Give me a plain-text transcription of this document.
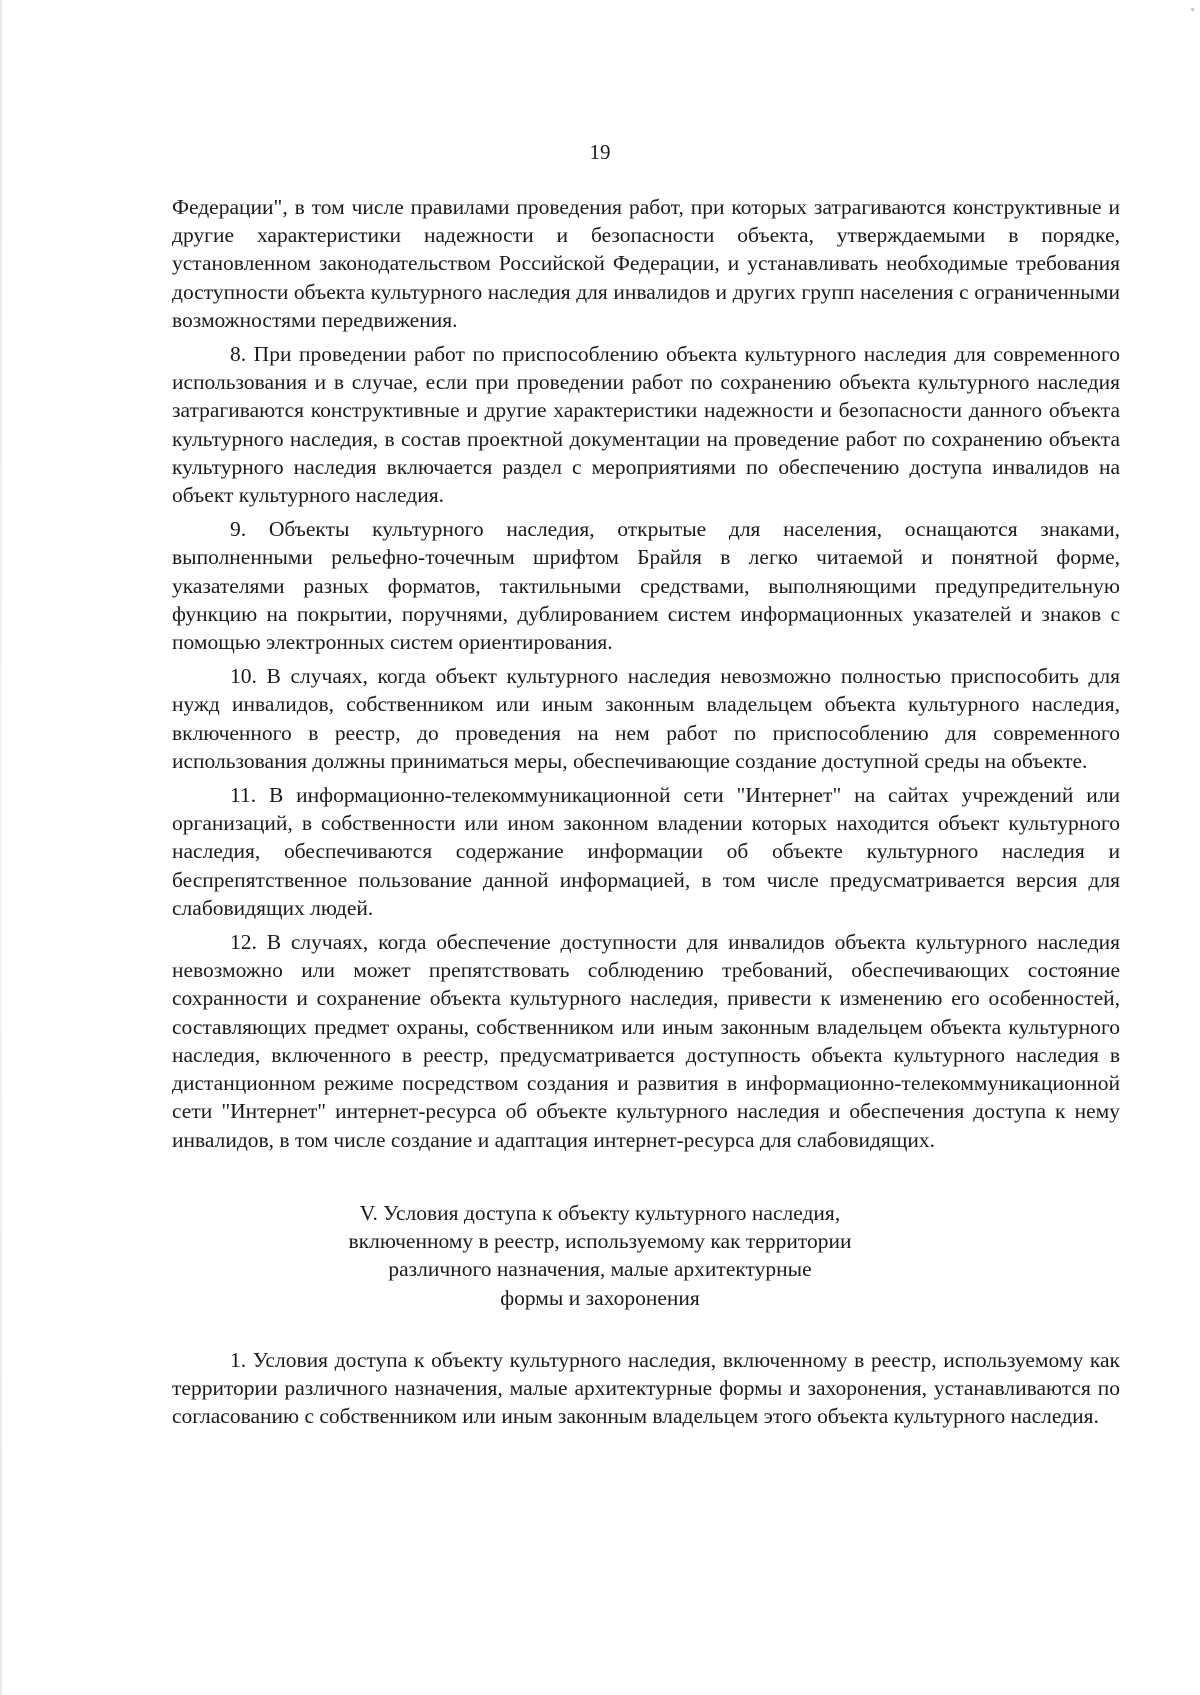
19

Федерации", в том числе правилами проведения работ, при которых затрагиваются конструктивные и другие характеристики надежности и безопасности объекта, утверждаемыми в порядке, установленном законодательством Российской Федерации, и устанавливать необходимые требования доступности объекта культурного наследия для инвалидов и других групп населения с ограниченными возможностями передвижения.

8. При проведении работ по приспособлению объекта культурного наследия для современного использования и в случае, если при проведении работ по сохранению объекта культурного наследия затрагиваются конструктивные и другие характеристики надежности и безопасности данного объекта культурного наследия, в состав проектной документации на проведение работ по сохранению объекта культурного наследия включается раздел с мероприятиями по обеспечению доступа инвалидов на объект культурного наследия.

9. Объекты культурного наследия, открытые для населения, оснащаются знаками, выполненными рельефно-точечным шрифтом Брайля в легко читаемой и понятной форме, указателями разных форматов, тактильными средствами, выполняющими предупредительную функцию на покрытии, поручнями, дублированием систем информационных указателей и знаков с помощью электронных систем ориентирования.

10. В случаях, когда объект культурного наследия невозможно полностью приспособить для нужд инвалидов, собственником или иным законным владельцем объекта культурного наследия, включенного в реестр, до проведения на нем работ по приспособлению для современного использования должны приниматься меры, обеспечивающие создание доступной среды на объекте.

11. В информационно-телекоммуникационной сети "Интернет" на сайтах учреждений или организаций, в собственности или ином законном владении которых находится объект культурного наследия, обеспечиваются содержание информации об объекте культурного наследия и беспрепятственное пользование данной информацией, в том числе предусматривается версия для слабовидящих людей.

12. В случаях, когда обеспечение доступности для инвалидов объекта культурного наследия невозможно или может препятствовать соблюдению требований, обеспечивающих состояние сохранности и сохранение объекта культурного наследия, привести к изменению его особенностей, составляющих предмет охраны, собственником или иным законным владельцем объекта культурного наследия, включенного в реестр, предусматривается доступность объекта культурного наследия в дистанционном режиме посредством создания и развития в информационно-телекоммуникационной сети "Интернет" интернет-ресурса об объекте культурного наследия и обеспечения доступа к нему инвалидов, в том числе создание и адаптация интернет-ресурса для слабовидящих.

V. Условия доступа к объекту культурного наследия,
включенному в реестр, используемому как территории
различного назначения, малые архитектурные
формы и захоронения

1. Условия доступа к объекту культурного наследия, включенному в реестр, используемому как территории различного назначения, малые архитектурные формы и захоронения, устанавливаются по согласованию с собственником или иным законным владельцем этого объекта культурного наследия.
